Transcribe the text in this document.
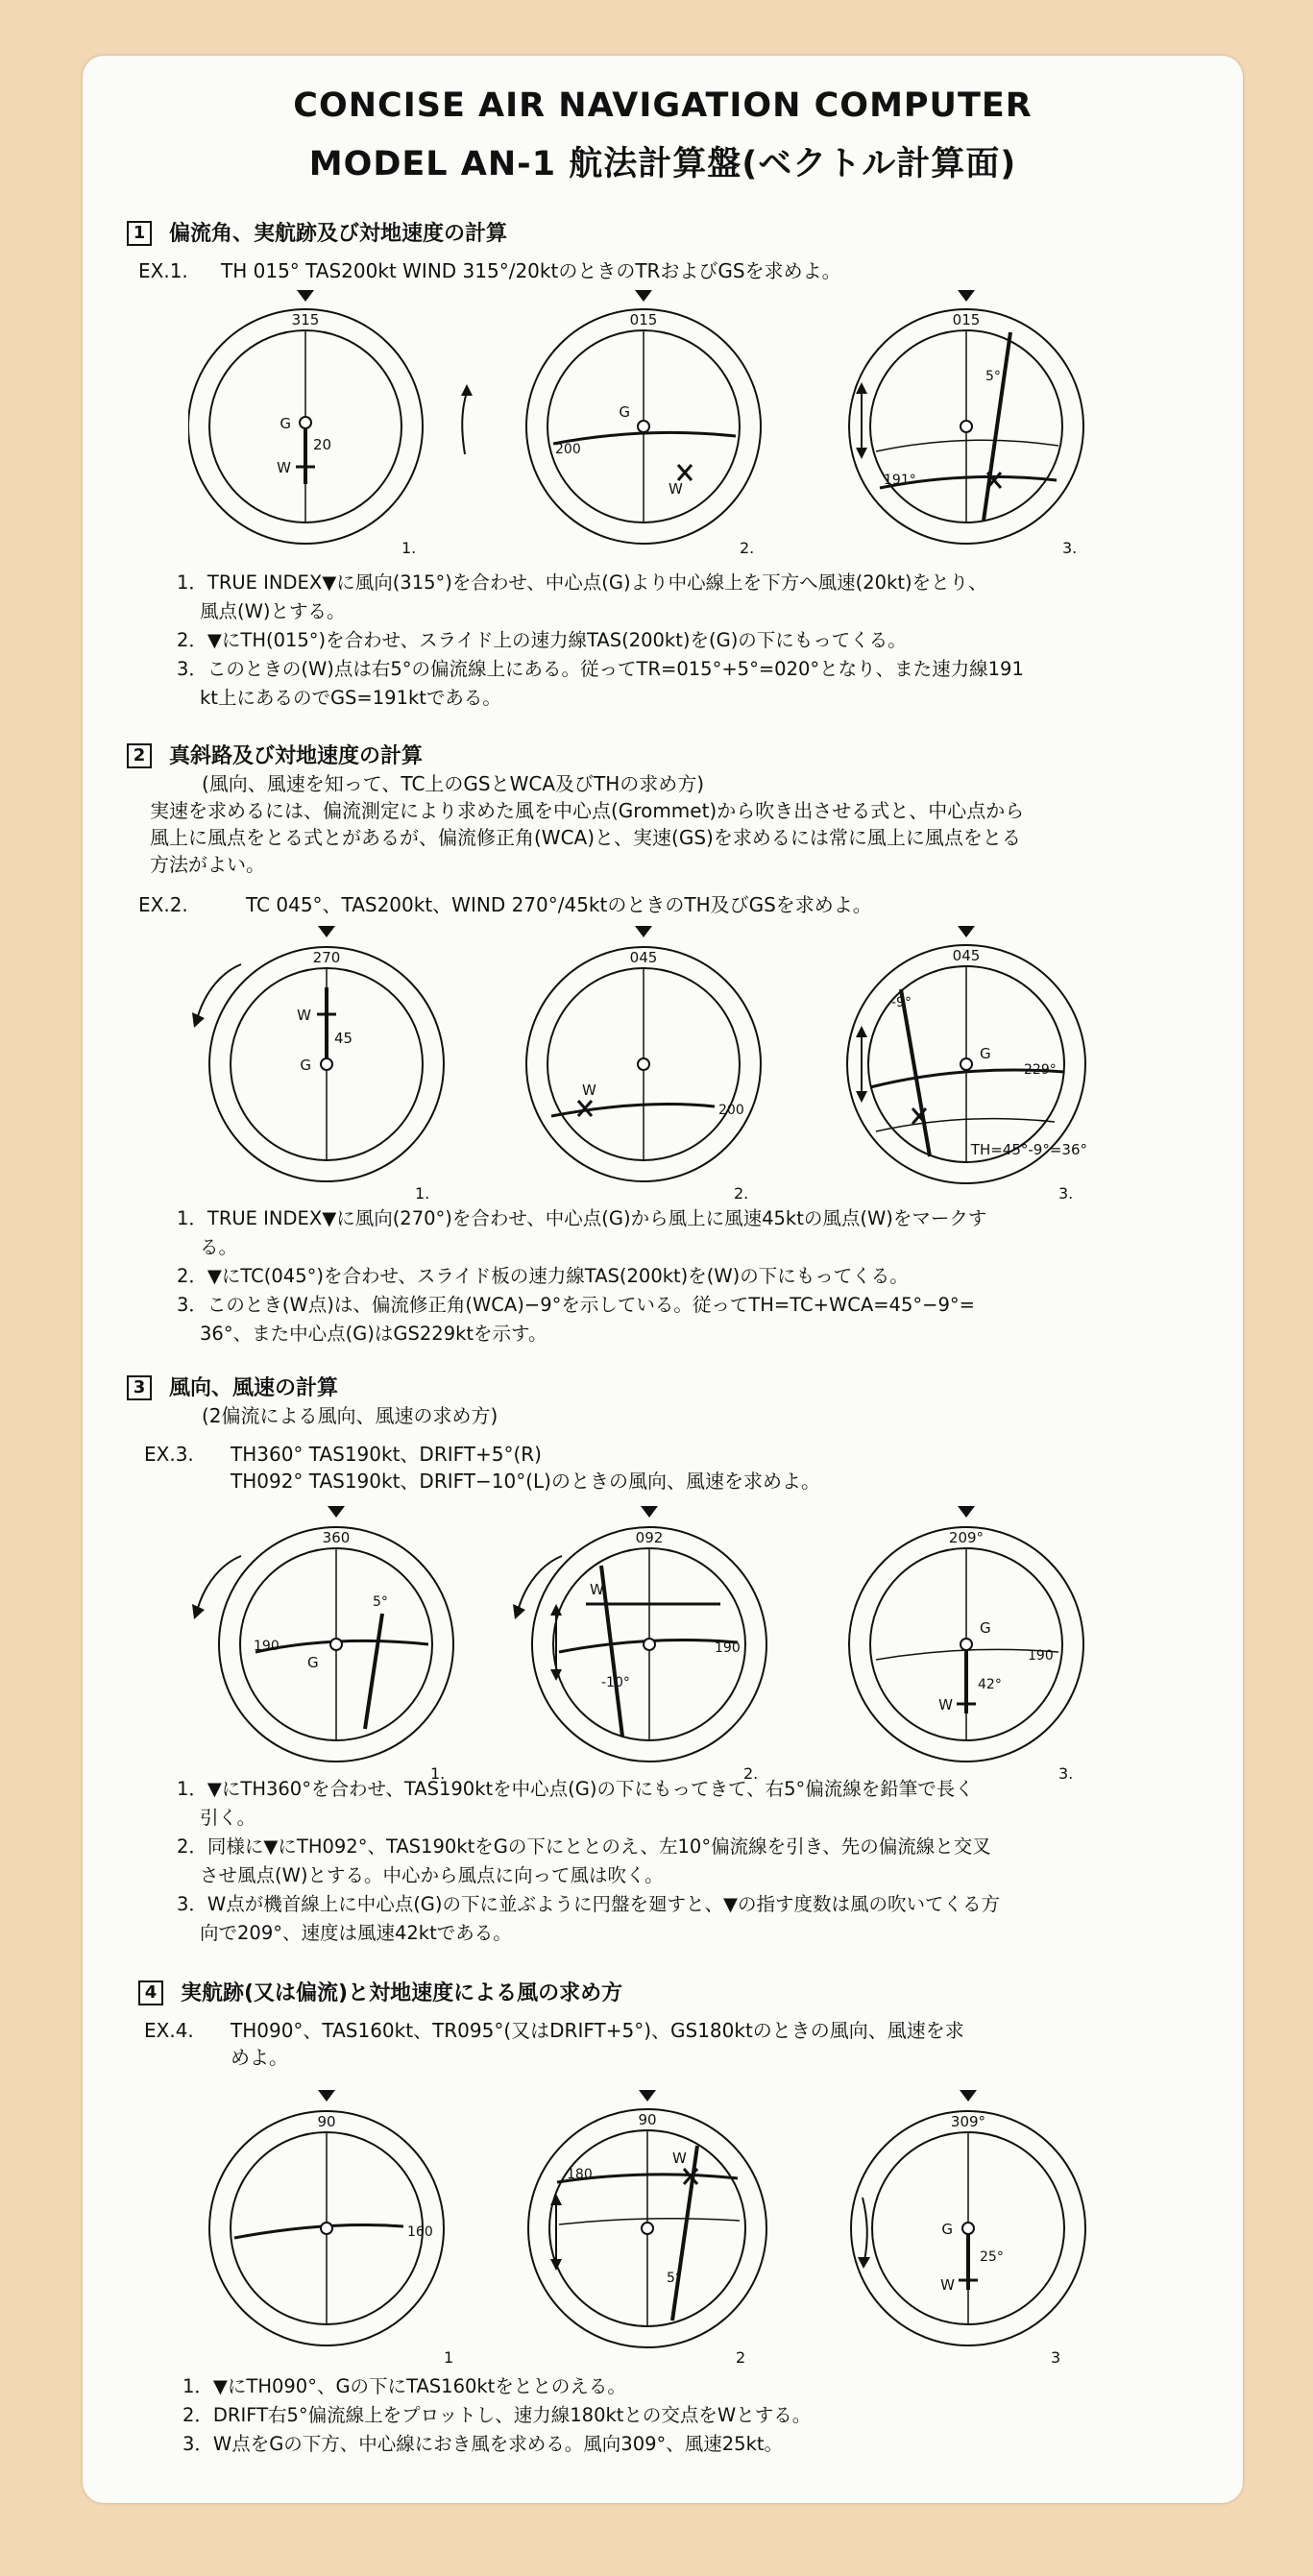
CONCISE AIR NAVIGATION COMPUTER
MODEL AN-1 航法計算盤(ベクトル計算面)
1 偏流角、実航跡及び対地速度の計算
EX.1. TH 015° TAS200kt WIND 315°/20ktのときのTRおよびGSを求めよ。
315
G
W
20
1.
015
G
200
W
2.
015
5°
191°
3.
1．TRUE INDEX▼に風向(315°)を合わせ、中心点(G)より中心線上を下方へ風速(20kt)をとり、
風点(W)とする。
2．▼にTH(015°)を合わせ、スライド上の速力線TAS(200kt)を(G)の下にもってくる。
3．このときの(W)点は右5°の偏流線上にある。従ってTR=015°+5°=020°となり、また速力線191
kt上にあるのでGS=191ktである。
2 真斜路及び対地速度の計算
(風向、風速を知って、TC上のGSとWCA及びTHの求め方)
実速を求めるには、偏流測定により求めた風を中心点(Grommet)から吹き出させる式と、中心点から
風上に風点をとる式とがあるが、偏流修正角(WCA)と、実速(GS)を求めるには常に風上に風点をとる
方法がよい。
EX.2.	TC 045°、TAS200kt、WIND 270°/45ktのときのTH及びGSを求めよ。
270
W
45
G
1.
045
W
200
2.
045
-9°
G
229°
TH=45°-9°=36°
3.
1．TRUE INDEX▼に風向(270°)を合わせ、中心点(G)から風上に風速45ktの風点(W)をマークす
る。
2．▼にTC(045°)を合わせ、スライド板の速力線TAS(200kt)を(W)の下にもってくる。
3．このとき(W点)は、偏流修正角(WCA)−9°を示している。従ってTH=TC+WCA=45°−9°=
36°、また中心点(G)はGS229ktを示す。
3 風向、風速の計算
(2偏流による風向、風速の求め方)
EX.3. TH360° TAS190kt、DRIFT+5°(R)
TH092° TAS190kt、DRIFT−10°(L)のときの風向、風速を求めよ。
360
5°
190
G
1.
092
W
190
-10°
2.
209°
G
190
42°
W
3.
1．▼にTH360°を合わせ、TAS190ktを中心点(G)の下にもってきて、右5°偏流線を鉛筆で長く
引く。
2．同様に▼にTH092°、TAS190ktをGの下にととのえ、左10°偏流線を引き、先の偏流線と交叉
させ風点(W)とする。中心から風点に向って風は吹く。
3．W点が機首線上に中心点(G)の下に並ぶように円盤を廻すと、▼の指す度数は風の吹いてくる方
向で209°、速度は風速42ktである。
4 実航跡(又は偏流)と対地速度による風の求め方
EX.4. TH090°、TAS160kt、TR095°(又はDRIFT+5°)、GS180ktのときの風向、風速を求
めよ。
90
160
1
90
180
W
5°
2
309°
G
25°
W
3
1．▼にTH090°、Gの下にTAS160ktをととのえる。
2．DRIFT右5°偏流線上をプロットし、速力線180ktとの交点をWとする。
3．W点をGの下方、中心線におき風を求める。風向309°、風速25kt。
